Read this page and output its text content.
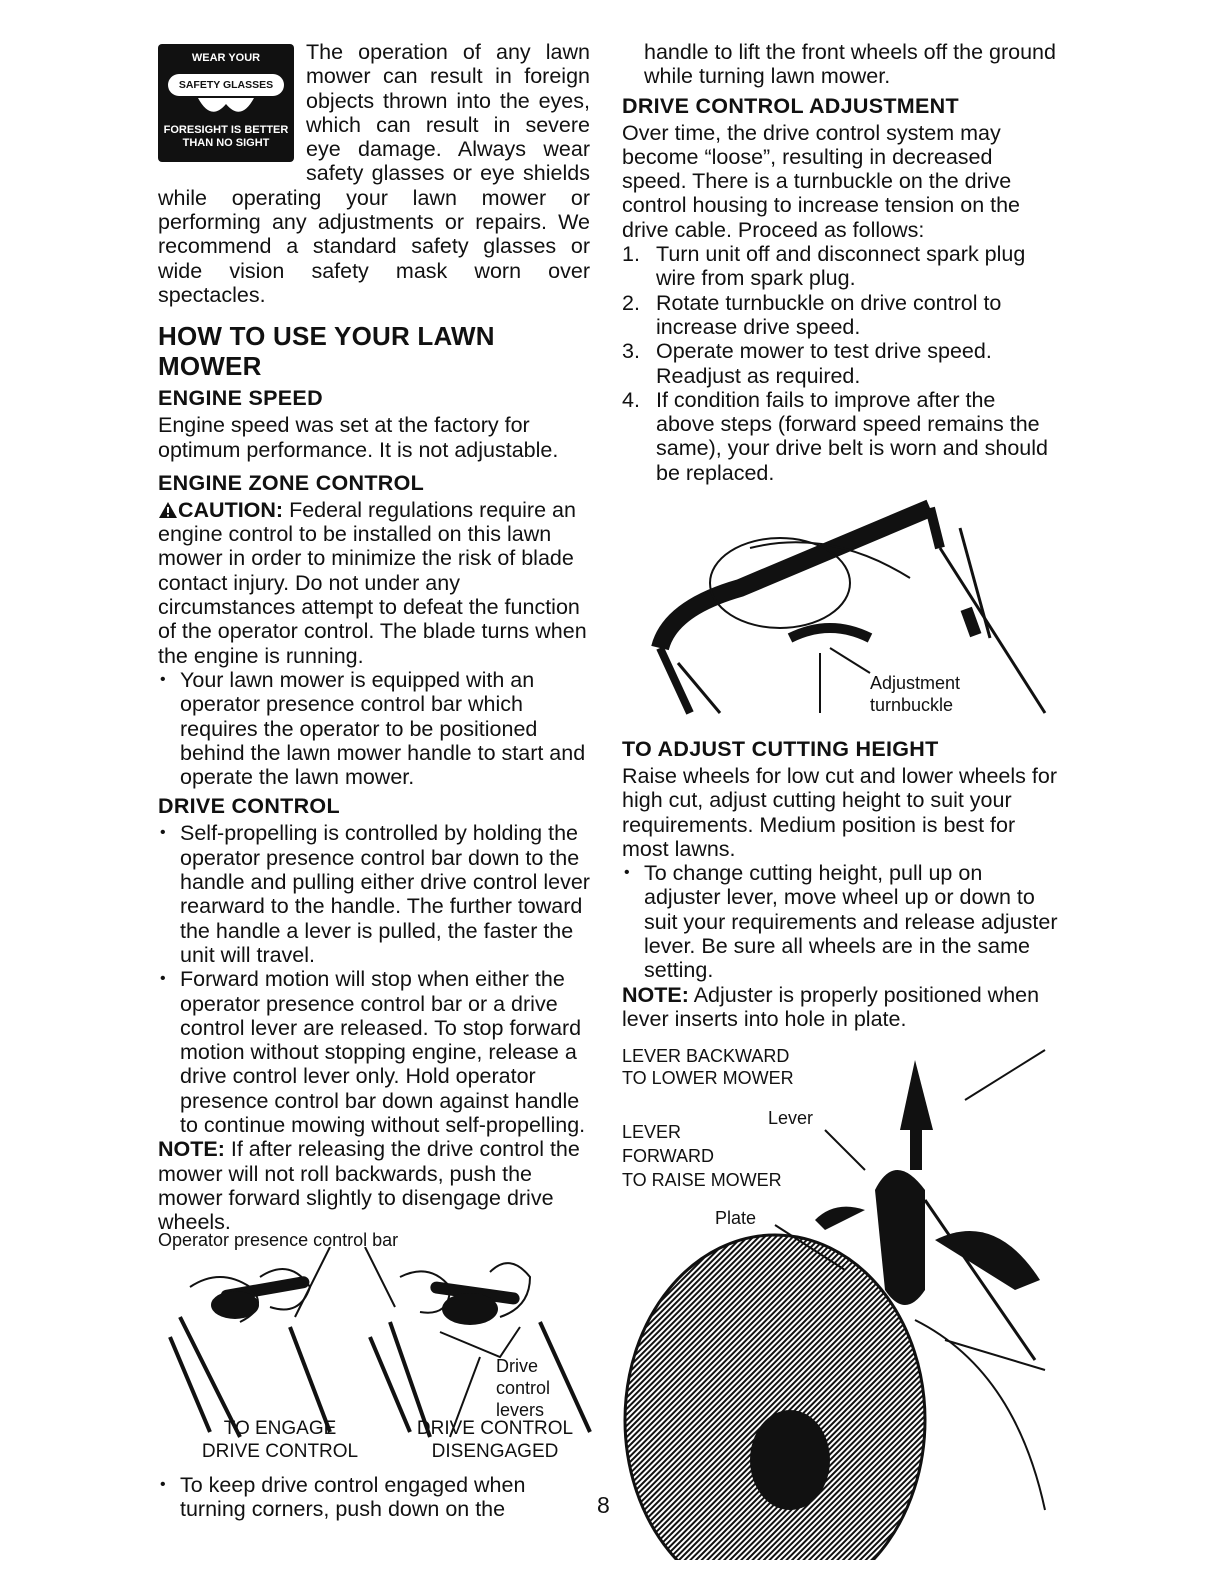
WEAR YOUR
SAFETY GLASSES
FORESIGHT IS BETTER
THAN NO SIGHT

The operation of any lawn mower can result in foreign objects thrown into the eyes, which can result in severe eye damage. Always wear safety glasses or eye shields while operating your lawn mower or performing any adjustments or repairs. We recommend a standard safety glasses or wide vision safety mask worn over spectacles.

HOW TO USE YOUR LAWN MOWER
ENGINE SPEED

Engine speed was set at the factory for optimum performance. It is not adjustable.

ENGINE ZONE CONTROL

CAUTION: Federal regulations require an engine control to be installed on this lawn mower in order to minimize the risk of blade contact injury. Do not under any circumstances attempt to defeat the function of the operator control. The blade turns when the engine is running.

• Your lawn mower is equipped with an operator presence control bar which requires the operator to be positioned behind the lawn mower handle to start and operate the lawn mower.
DRIVE CONTROL
• Self-propelling is controlled by holding the operator presence control bar down to the handle and pulling either drive control lever rearward to the handle. The further toward the handle a lever is pulled, the faster the unit will travel.
• Forward motion will stop when either the operator presence control bar or a drive control lever are released. To stop forward motion without stopping engine, release a drive control lever only. Hold operator presence control bar down against handle to continue mowing without self-propelling.

NOTE: If after releasing the drive control the mower will not roll backwards, push the mower forward slightly to disengage drive wheels.

Operator presence control bar
Drive
control
levers
TO ENGAGE
DRIVE CONTROL
DRIVE CONTROL
DISENGAGED
• To keep drive control engaged when turning corners, push down on the	8

handle to lift the front wheels off the ground while turning lawn mower.

DRIVE CONTROL ADJUSTMENT

Over time, the drive control system may become “loose”, resulting in decreased speed. There is a turnbuckle on the drive control housing to increase tension on the drive cable. Proceed as follows:

1. Turn unit off and disconnect spark plug wire from spark plug.
2. Rotate turnbuckle on drive control to increase drive speed.
3. Operate mower to test drive speed. Readjust as required.
4. If condition fails to improve after the above steps (forward speed remains the same), your drive belt is worn and should be replaced.
Adjustment
turnbuckle
TO ADJUST CUTTING HEIGHT

Raise wheels for low cut and lower wheels for high cut, adjust cutting height to suit your requirements. Medium position is best for most lawns.

• To change cutting height, pull up on adjuster lever, move wheel up or down to suit your requirements and release adjuster lever. Be sure all wheels are in the same setting.

NOTE: Adjuster is properly positioned when lever inserts into hole in plate.

LEVER BACKWARD
TO LOWER MOWER
Lever
LEVER
FORWARD
TO RAISE MOWER
Plate
